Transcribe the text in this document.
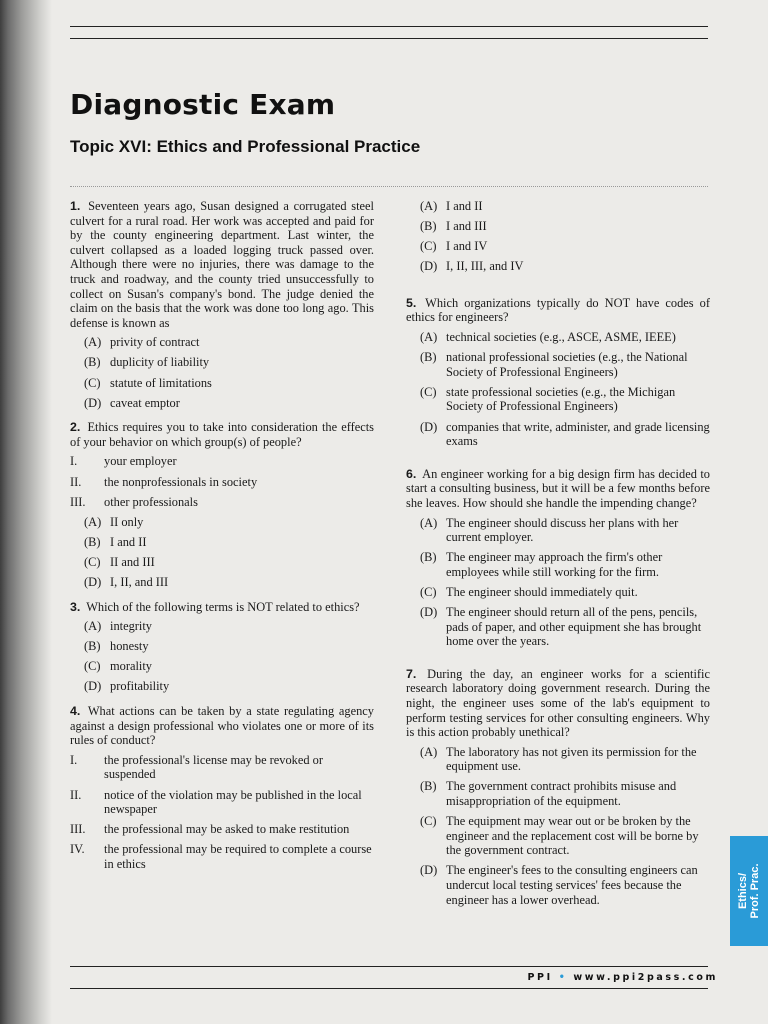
Diagnostic Exam
Topic XVI: Ethics and Professional Practice

1. Seventeen years ago, Susan designed a corrugated steel culvert for a rural road. Her work was accepted and paid for by the county engineering department. Last winter, the culvert collapsed as a loaded logging truck passed over. Although there were no injuries, there was damage to the truck and roadway, and the county tried unsuccessfully to collect on Susan's company's bond. The judge denied the claim on the basis that the work was done too long ago. This defense is known as

(A) privity of contract
(B) duplicity of liability
(C) statute of limitations
(D) caveat emptor

2. Ethics requires you to take into consideration the effects of your behavior on which group(s) of people?

I.	your employer
II.	the nonprofessionals in society
III.	other professionals
(A) II only
(B) I and II
(C) II and III
(D) I, II, and III

3. Which of the following terms is NOT related to ethics?

(A) integrity
(B) honesty
(C) morality
(D) profitability

4. What actions can be taken by a state regulating agency against a design professional who violates one or more of its rules of conduct?

I.	the professional's license may be revoked or suspended
II.	notice of the violation may be published in the local newspaper
III.	the professional may be asked to make restitution
IV.	the professional may be required to complete a course in ethics
(A) I and II
(B) I and III
(C) I and IV
(D) I, II, III, and IV

5. Which organizations typically do NOT have codes of ethics for engineers?

(A) technical societies (e.g., ASCE, ASME, IEEE)
(B) national professional societies (e.g., the National Society of Professional Engineers)
(C) state professional societies (e.g., the Michigan Society of Professional Engineers)
(D) companies that write, administer, and grade licensing exams

6. An engineer working for a big design firm has decided to start a consulting business, but it will be a few months before she leaves. How should she handle the impending change?

(A) The engineer should discuss her plans with her current employer.
(B) The engineer may approach the firm's other employees while still working for the firm.
(C) The engineer should immediately quit.
(D) The engineer should return all of the pens, pencils, pads of paper, and other equipment she has brought home over the years.

7. During the day, an engineer works for a scientific research laboratory doing government research. During the night, the engineer uses some of the lab's equipment to perform testing services for other consulting engineers. Why is this action probably unethical?

(A) The laboratory has not given its permission for the equipment use.
(B) The government contract prohibits misuse and misappropriation of the equipment.
(C) The equipment may wear out or be broken by the engineer and the replacement cost will be borne by the government contract.
(D) The engineer's fees to the consulting engineers can undercut local testing services' fees because the engineer has a lower overhead.
PPI • www.ppi2pass.com
Ethics/ Prof. Prac.
